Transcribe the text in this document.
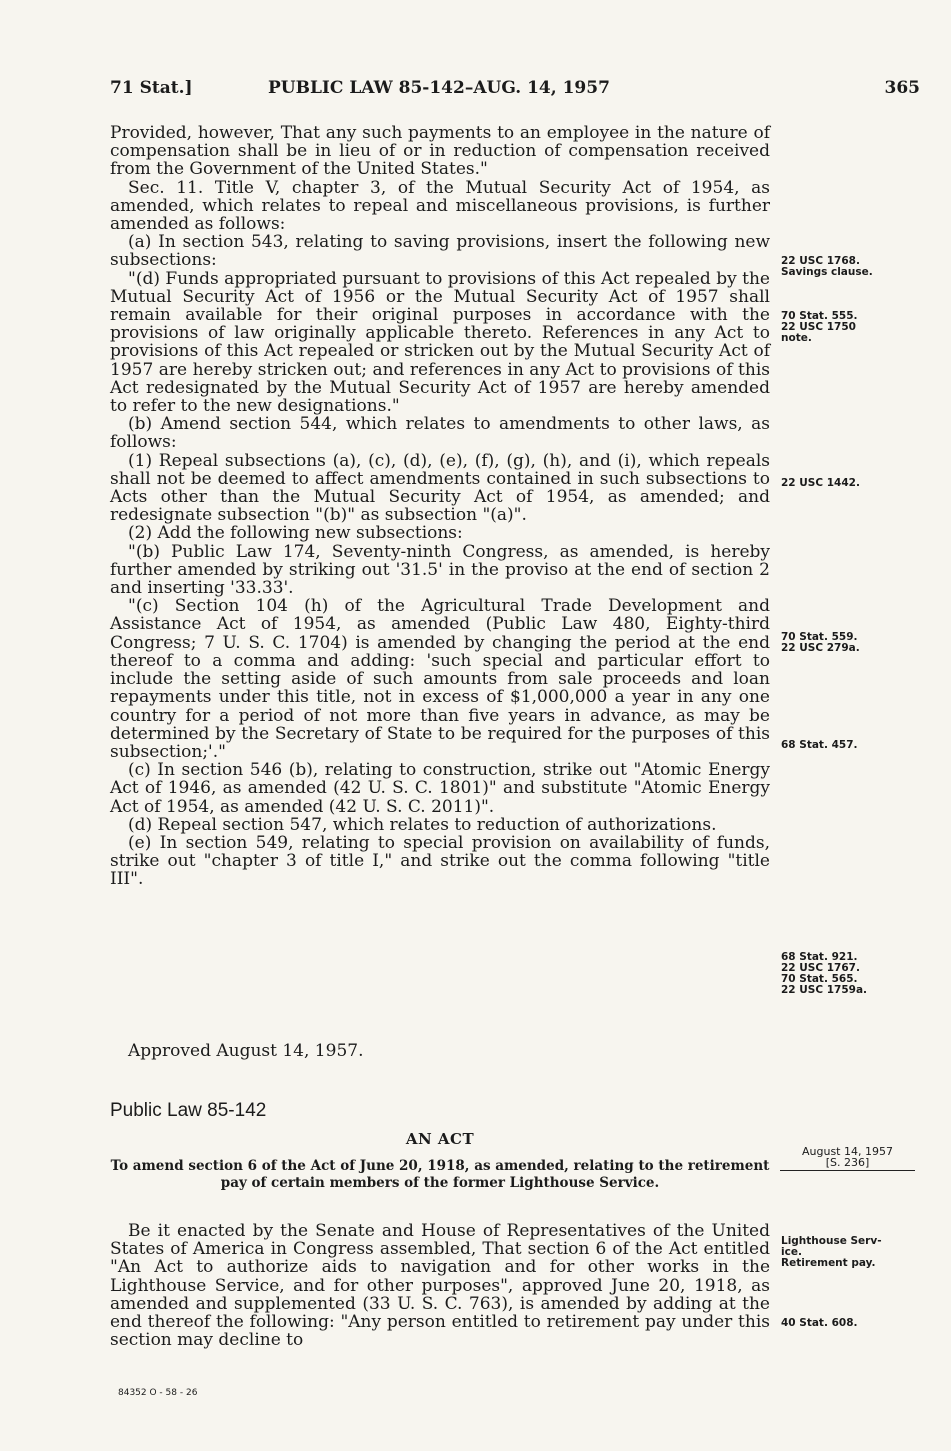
71 Stat.]	PUBLIC LAW 85-142–AUG. 14, 1957	365

Provided, however, That any such payments to an employee in the nature of compensation shall be in lieu of or in reduction of compensation received from the Government of the United States."

Sec. 11. Title V, chapter 3, of the Mutual Security Act of 1954, as amended, which relates to repeal and miscellaneous provisions, is further amended as follows:

(a) In section 543, relating to saving provisions, insert the following new subsections:

"(d) Funds appropriated pursuant to provisions of this Act repealed by the Mutual Security Act of 1956 or the Mutual Security Act of 1957 shall remain available for their original purposes in accordance with the provisions of law originally applicable thereto. References in any Act to provisions of this Act repealed or stricken out by the Mutual Security Act of 1957 are hereby stricken out; and references in any Act to provisions of this Act redesignated by the Mutual Security Act of 1957 are hereby amended to refer to the new designations."

(b) Amend section 544, which relates to amendments to other laws, as follows:

(1) Repeal subsections (a), (c), (d), (e), (f), (g), (h), and (i), which repeals shall not be deemed to affect amendments contained in such subsections to Acts other than the Mutual Security Act of 1954, as amended; and redesignate subsection "(b)" as subsection "(a)".

(2) Add the following new subsections:

"(b) Public Law 174, Seventy-ninth Congress, as amended, is hereby further amended by striking out '31.5' in the proviso at the end of section 2 and inserting '33.33'.

"(c) Section 104 (h) of the Agricultural Trade Development and Assistance Act of 1954, as amended (Public Law 480, Eighty-third Congress; 7 U. S. C. 1704) is amended by changing the period at the end thereof to a comma and adding: 'such special and particular effort to include the setting aside of such amounts from sale proceeds and loan repayments under this title, not in excess of $1,000,000 a year in any one country for a period of not more than five years in advance, as may be determined by the Secretary of State to be required for the purposes of this subsection;'."

(c) In section 546 (b), relating to construction, strike out "Atomic Energy Act of 1946, as amended (42 U. S. C. 1801)" and substitute "Atomic Energy Act of 1954, as amended (42 U. S. C. 2011)".

(d) Repeal section 547, which relates to reduction of authorizations.

(e) In section 549, relating to special provision on availability of funds, strike out "chapter 3 of title I," and strike out the comma following "title III".

Approved August 14, 1957.

Public Law 85-142
AN ACT
To amend section 6 of the Act of June 20, 1918, as amended, relating to the retirement pay of certain members of the former Lighthouse Service.

Be it enacted by the Senate and House of Representatives of the United States of America in Congress assembled, That section 6 of the Act entitled "An Act to authorize aids to navigation and for other works in the Lighthouse Service, and for other purposes", approved June 20, 1918, as amended and supplemented (33 U. S. C. 763), is amended by adding at the end thereof the following: "Any person entitled to retirement pay under this section may decline to

August 14, 1957
[S. 236]
22 USC 1768.
Savings clause.
70 Stat. 555.
22 USC 1750
note.
22 USC 1442.
70 Stat. 559.
22 USC 279a.
68 Stat. 457.
68 Stat. 921.
22 USC 1767.
70 Stat. 565.
22 USC 1759a.
Lighthouse Serv-
ice.
Retirement pay.
40 Stat. 608.
84352 O - 58 - 26
